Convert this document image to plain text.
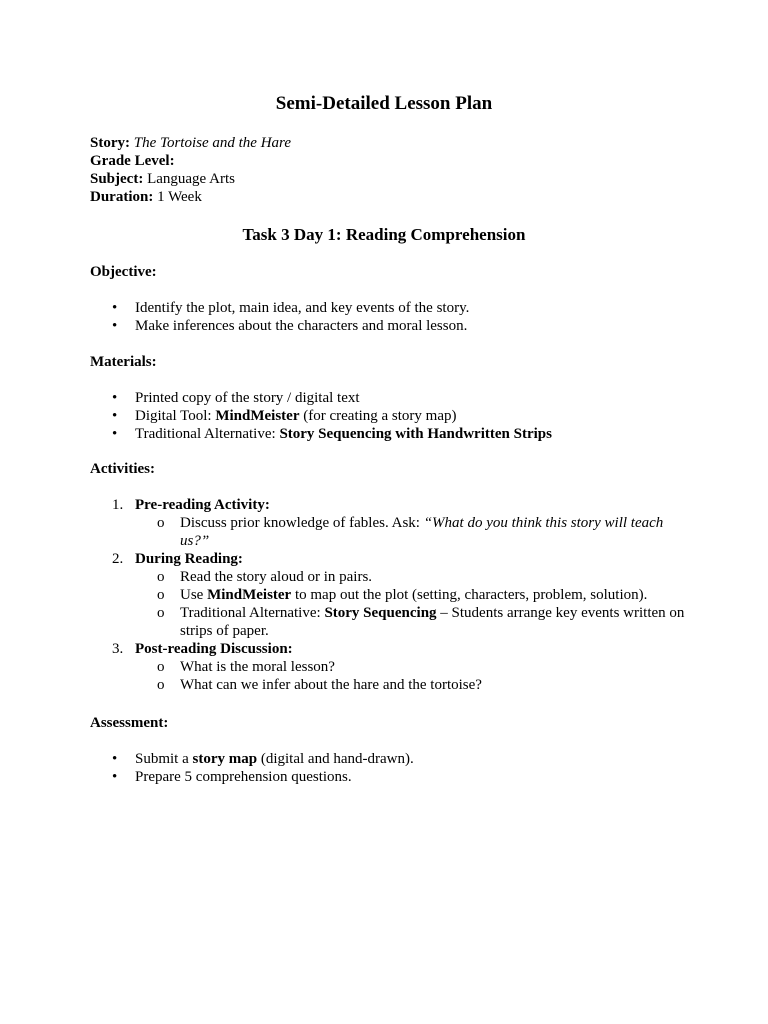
Semi-Detailed Lesson Plan
Story: The Tortoise and the Hare
Grade Level:
Subject: Language Arts
Duration: 1 Week
Task 3 Day 1: Reading Comprehension
Objective:
• Identify the plot, main idea, and key events of the story.
• Make inferences about the characters and moral lesson.
Materials:
• Printed copy of the story / digital text
• Digital Tool: MindMeister (for creating a story map)
• Traditional Alternative: Story Sequencing with Handwritten Strips
Activities:
1. Pre-reading Activity:
o Discuss prior knowledge of fables. Ask: “What do you think this story will teach us?”
2. During Reading:
o Read the story aloud or in pairs.
o Use MindMeister to map out the plot (setting, characters, problem, solution).
o Traditional Alternative: Story Sequencing – Students arrange key events written on strips of paper.
3. Post-reading Discussion:
o What is the moral lesson?
o What can we infer about the hare and the tortoise?
Assessment:
• Submit a story map (digital and hand-drawn).
• Prepare 5 comprehension questions.
